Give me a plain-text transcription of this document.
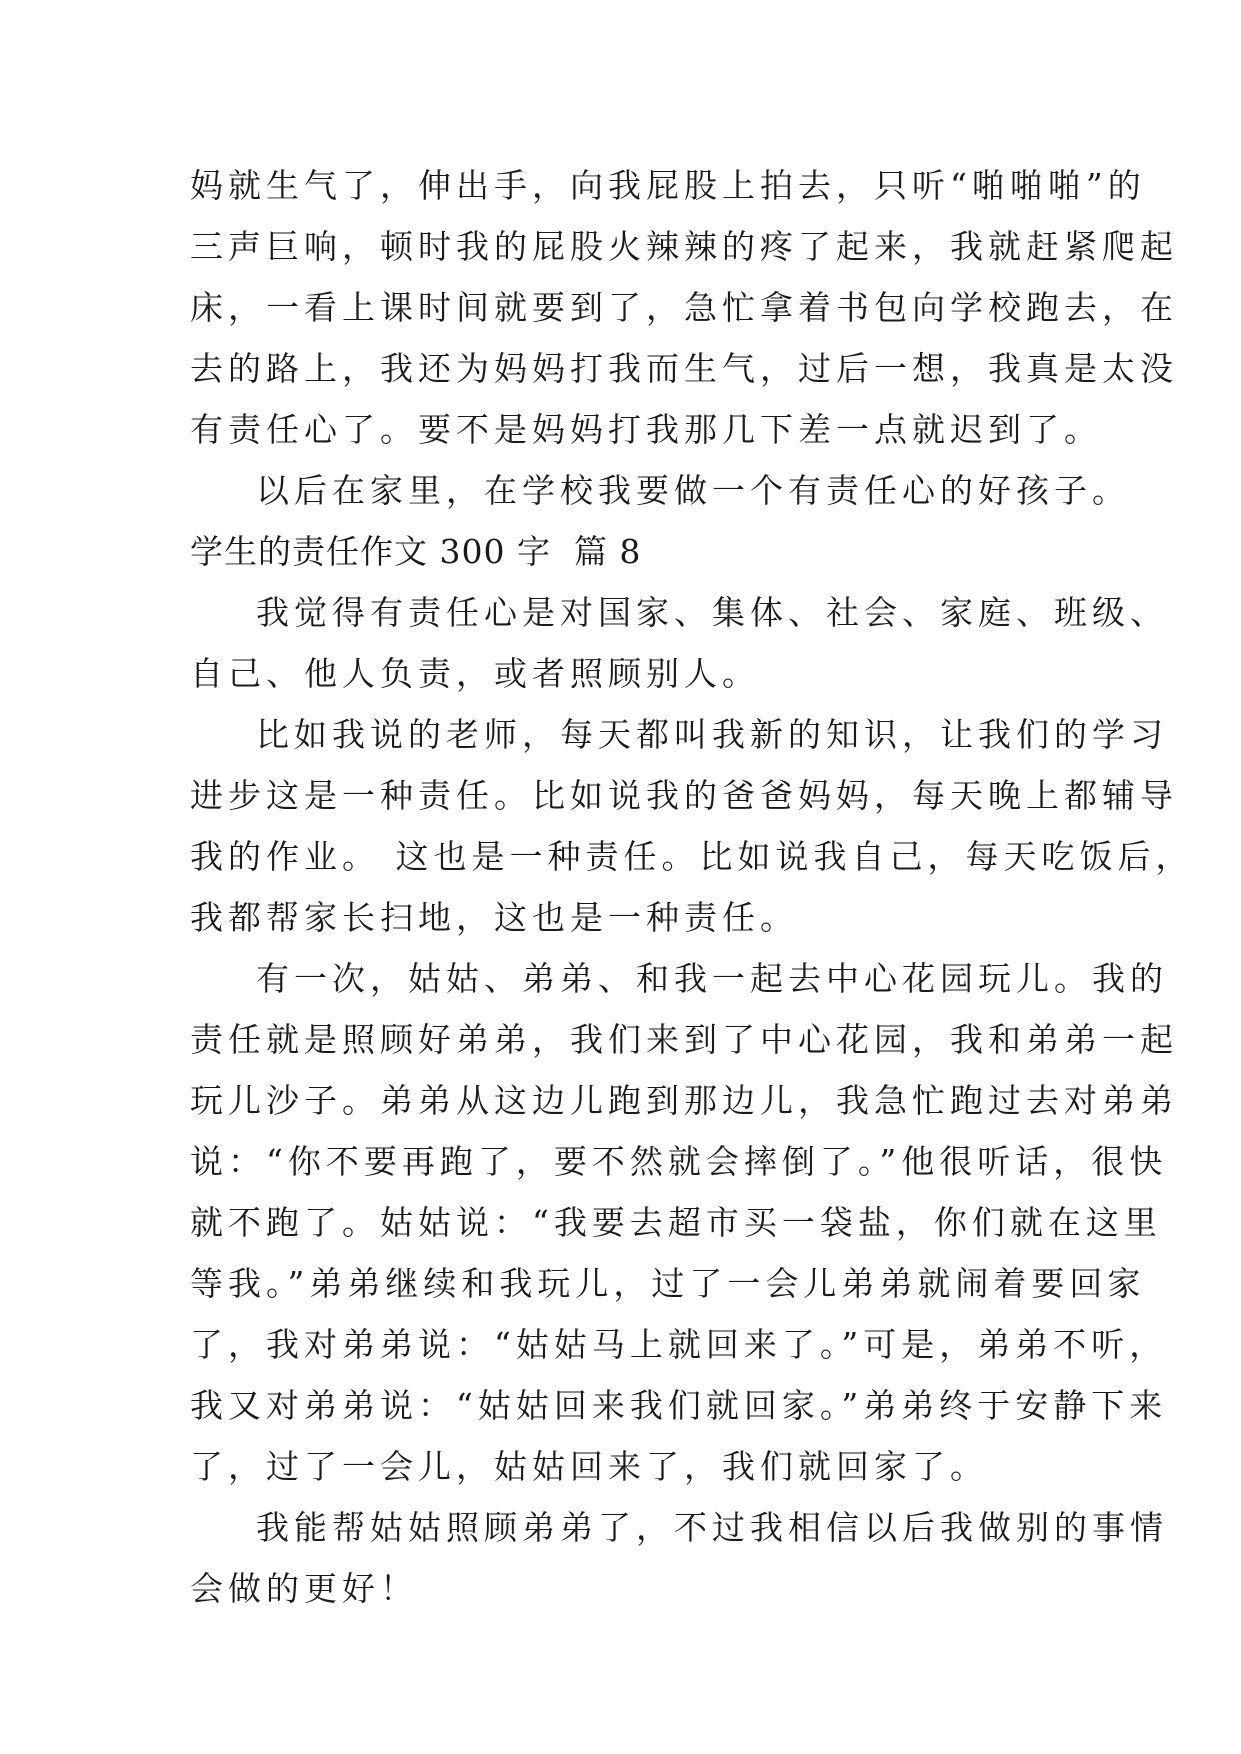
妈就生气了，伸出手，向我屁股上拍去，只听“啪啪啪”的
三声巨响，顿时我的屁股火辣辣的疼了起来，我就赶紧爬起
床，一看上课时间就要到了，急忙拿着书包向学校跑去，在
去的路上，我还为妈妈打我而生气，过后一想，我真是太没
有责任心了。要不是妈妈打我那几下差一点就迟到了。
以后在家里，在学校我要做一个有责任心的好孩子。
学生的责任作文 300 字  篇 8
我觉得有责任心是对国家、集体、社会、家庭、班级、
自己、他人负责，或者照顾别人。
比如我说的老师，每天都叫我新的知识，让我们的学习
进步这是一种责任。比如说我的爸爸妈妈，每天晚上都辅导
我的作业。 这也是一种责任。比如说我自己，每天吃饭后，
我都帮家长扫地，这也是一种责任。
有一次，姑姑、弟弟、和我一起去中心花园玩儿。我的
责任就是照顾好弟弟，我们来到了中心花园，我和弟弟一起
玩儿沙子。弟弟从这边儿跑到那边儿，我急忙跑过去对弟弟
说：“你不要再跑了，要不然就会摔倒了。”他很听话，很快
就不跑了。姑姑说：“我要去超市买一袋盐，你们就在这里
等我。”弟弟继续和我玩儿，过了一会儿弟弟就闹着要回家
了，我对弟弟说：“姑姑马上就回来了。”可是，弟弟不听，
我又对弟弟说：“姑姑回来我们就回家。”弟弟终于安静下来
了，过了一会儿，姑姑回来了，我们就回家了。
我能帮姑姑照顾弟弟了，不过我相信以后我做别的事情
会做的更好！
